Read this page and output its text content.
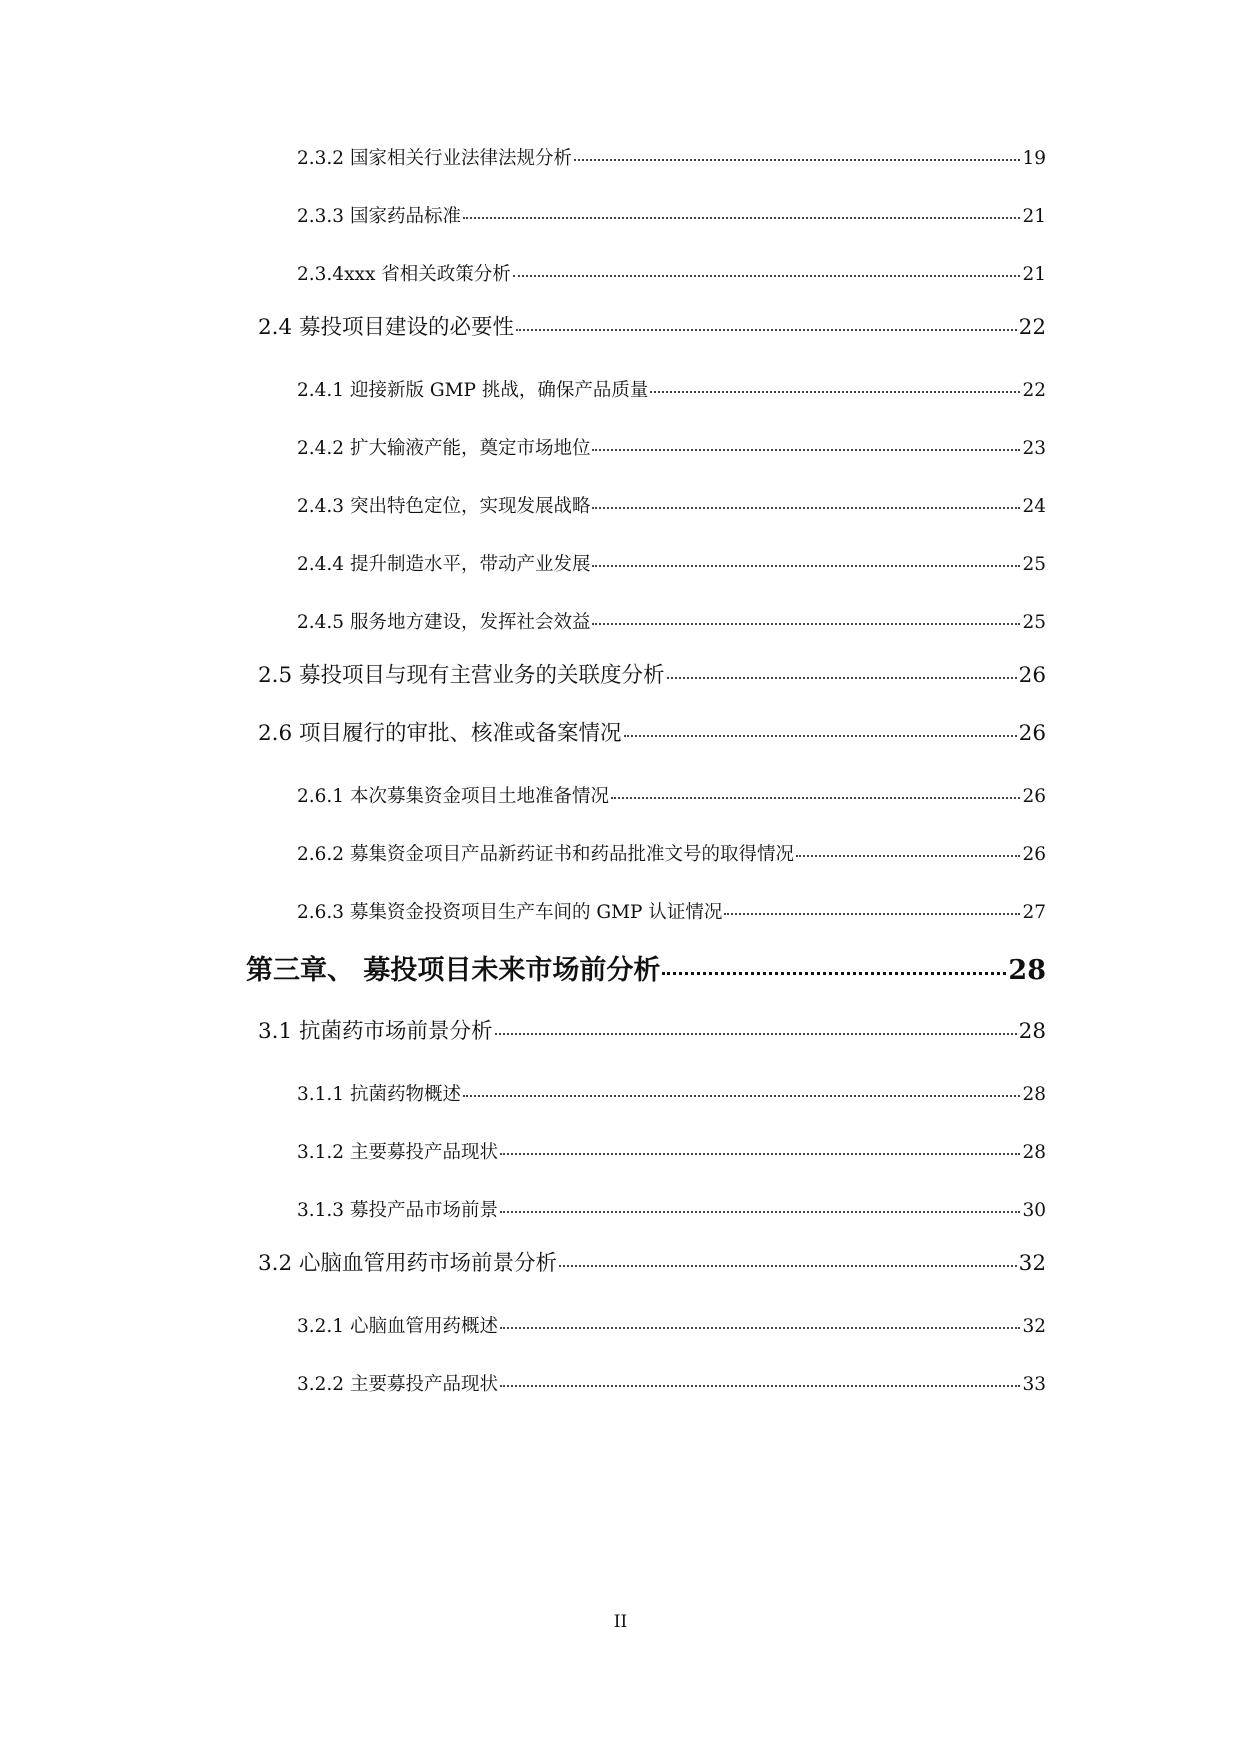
2.3.2 国家相关行业法律法规分析	19
2.3.3 国家药品标准	21
2.3.4xxx 省相关政策分析	21
2.4 募投项目建设的必要性	22
2.4.1 迎接新版 GMP 挑战，确保产品质量	22
2.4.2 扩大输液产能，奠定市场地位	23
2.4.3 突出特色定位，实现发展战略	24
2.4.4 提升制造水平，带动产业发展	25
2.4.5 服务地方建设，发挥社会效益	25
2.5 募投项目与现有主营业务的关联度分析	26
2.6 项目履行的审批、核准或备案情况	26
2.6.1 本次募集资金项目土地准备情况	26
2.6.2 募集资金项目产品新药证书和药品批准文号的取得情况	26
2.6.3 募集资金投资项目生产车间的 GMP 认证情况	27
第三章、 募投项目未来市场前分析	28
3.1 抗菌药市场前景分析	28
3.1.1 抗菌药物概述	28
3.1.2 主要募投产品现状	28
3.1.3 募投产品市场前景	30
3.2 心脑血管用药市场前景分析	32
3.2.1 心脑血管用药概述	32
3.2.2 主要募投产品现状	33
II
